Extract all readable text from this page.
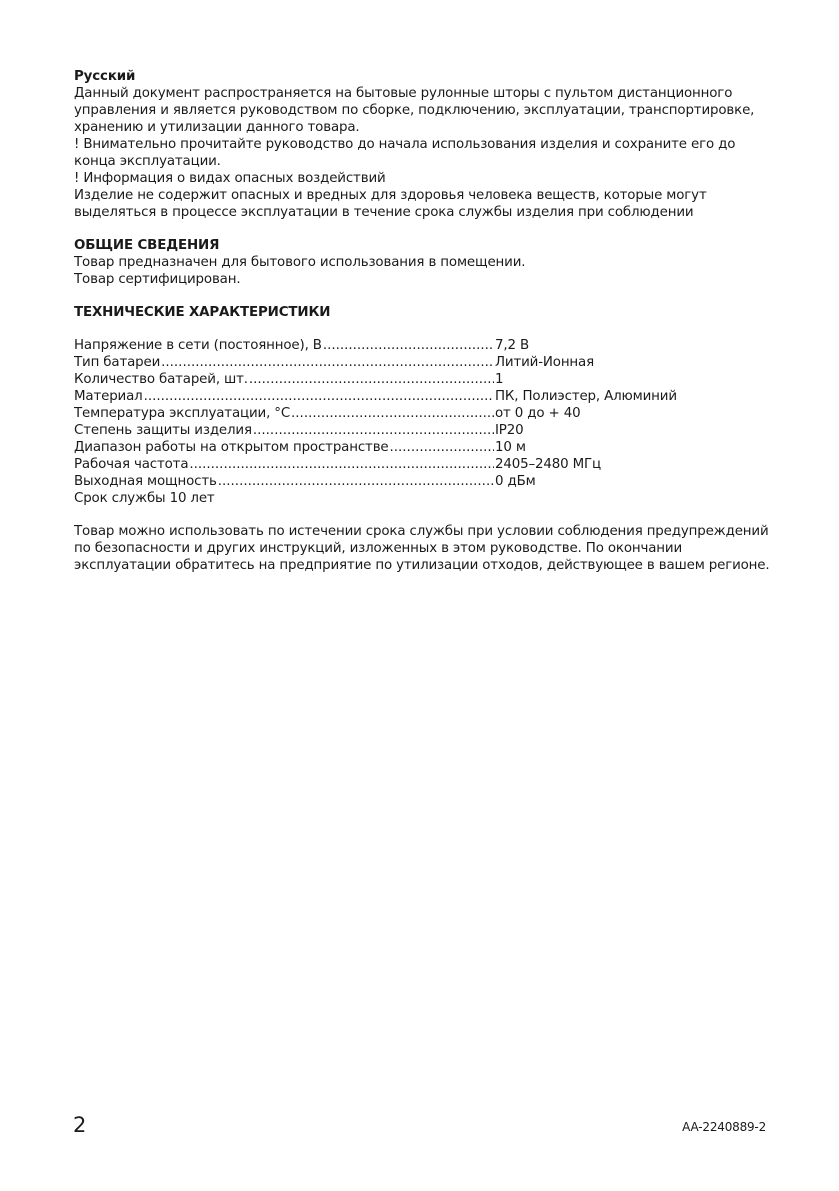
Русский

Данный документ распространяется на бытовые рулонные шторы с пультом дистанционного управления и является руководством по сборке, подключению, эксплуатации, транспортировке, хранению и утилизации данного товара.

! Внимательно прочитайте руководство до начала использования изделия и сохраните его до конца эксплуатации.

! Информация о видах опасных воздействий

Изделие не содержит опасных и вредных для здоровья человека веществ, которые могут выделяться в процессе эксплуатации в течение срока службы изделия при соблюдении

ОБЩИЕ СВЕДЕНИЯ

Товар предназначен для бытового использования в помещении.

Товар сертифицирован.

ТЕХНИЧЕСКИЕ ХАРАКТЕРИСТИКИ

Напряжение в сети (постоянное), В .....	7,2 В
Тип батареи .....	Литий-Ионная
Количество батарей, шт. .....	1
Материал .....	ПК, Полиэстер, Алюминий
Температура эксплуатации, °С .....	от 0 до + 40
Степень защиты изделия .....	IP20
Диапазон работы на открытом пространстве .....	10 м
Рабочая частота .....	2405–2480 МГц
Выходная мощность .....	0 дБм

Срок службы 10 лет

Товар можно использовать по истечении срока службы при условии соблюдения предупреждений по безопасности и других инструкций, изложенных в этом руководстве. По окончании эксплуатации обратитесь на предприятие по утилизации отходов, действующее в вашем регионе.

2	AA-2240889-2
